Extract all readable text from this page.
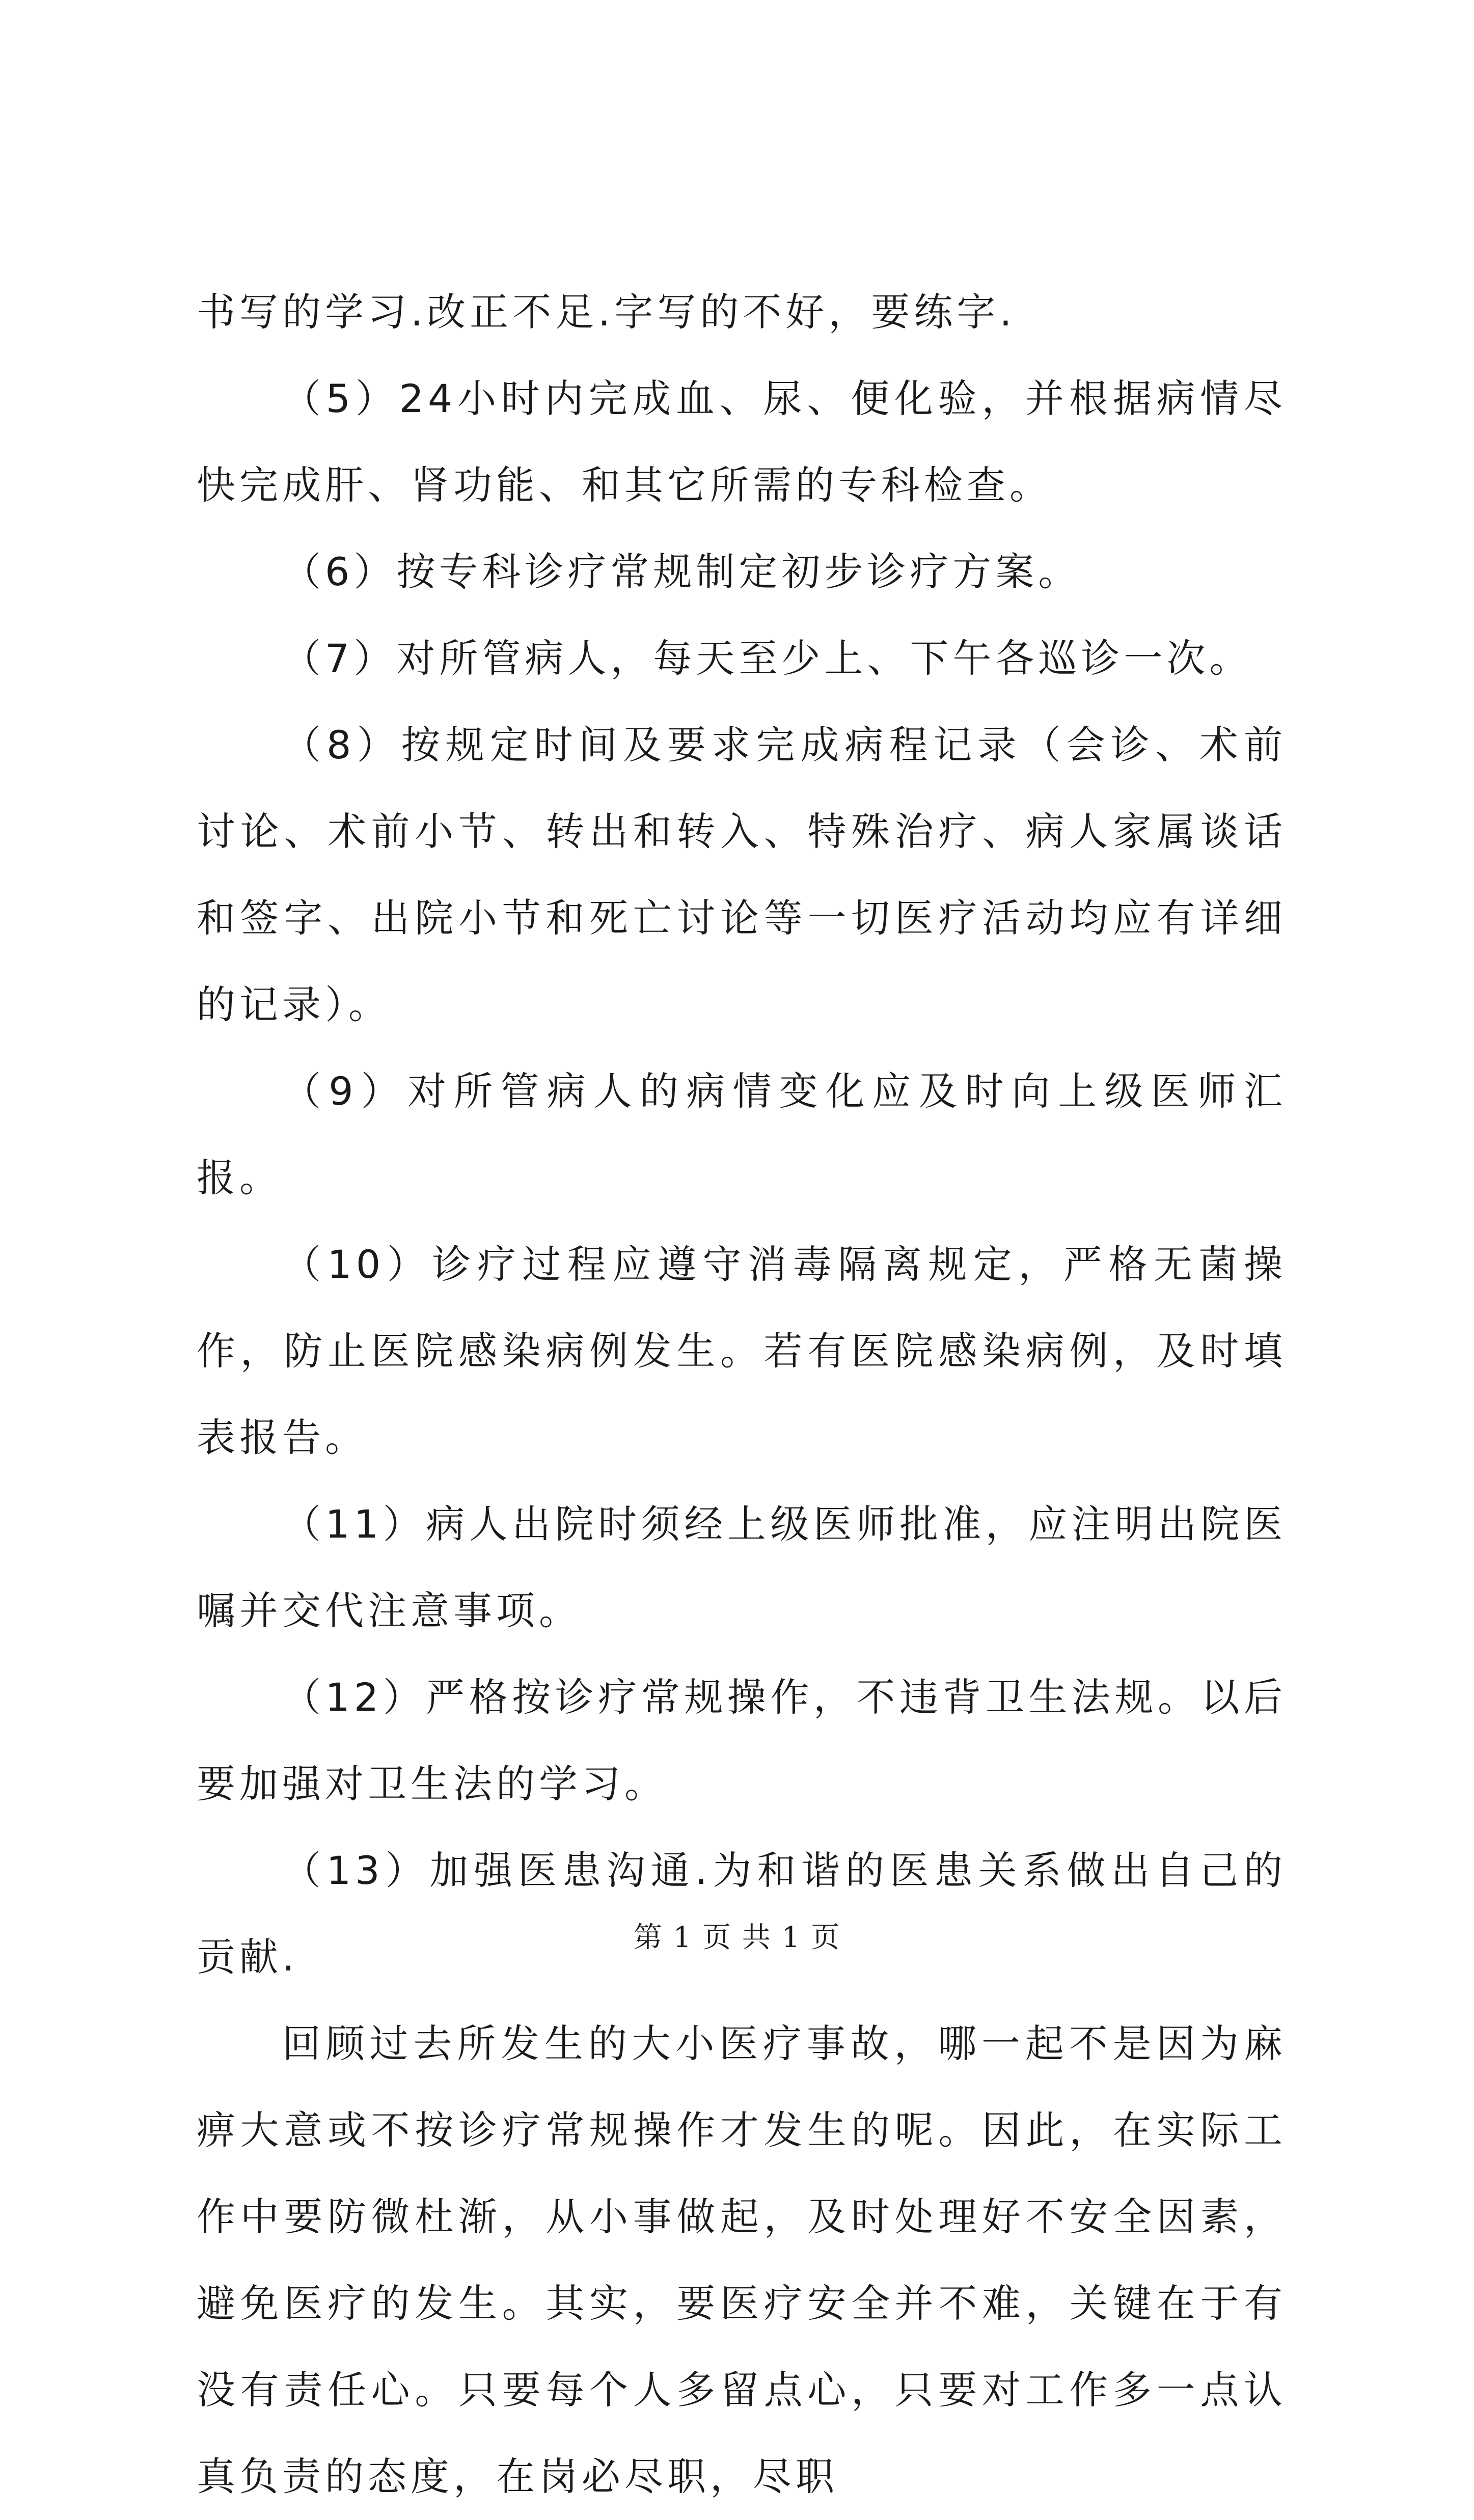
书写的学习.改正不足.字写的不好，要练字.

（5）24小时内完成血、尿、便化验，并根据病情尽快完成肝、肾功能、和其它所需的专科检查。

（6）按专科诊疗常规制定初步诊疗方案。

（7）对所管病人，每天至少上、下午各巡诊一次。

（8）按规定时间及要求完成病程记录（会诊、术前讨论、术前小节、转出和转入、特殊治疗、病人家属谈话和签字、出院小节和死亡讨论等一切医疗活动均应有详细的记录）。

（9）对所管病人的病情变化应及时向上级医师汇报。

（10）诊疗过程应遵守消毒隔离规定，严格无菌操作，防止医院感染病例发生。若有医院感染病例，及时填表报告。

（11）病人出院时须经上级医师批准，应注明出院医嘱并交代注意事项。

（12）严格按诊疗常规操作，不违背卫生法规。以后要加强对卫生法的学习。

（13）加强医患沟通.为和谐的医患关系做出自己的贡献.

回顾过去所发生的大小医疗事故，哪一起不是因为麻痹大意或不按诊疗常规操作才发生的呢。因此，在实际工作中要防微杜渐，从小事做起，及时处理好不安全因素，避免医疗的发生。其实，要医疗安全并不难，关键在于有没有责任心。只要每个人多留点心，只要对工作多一点认真负责的态度，在岗必尽职，尽职

第 1 页 共 1 页
